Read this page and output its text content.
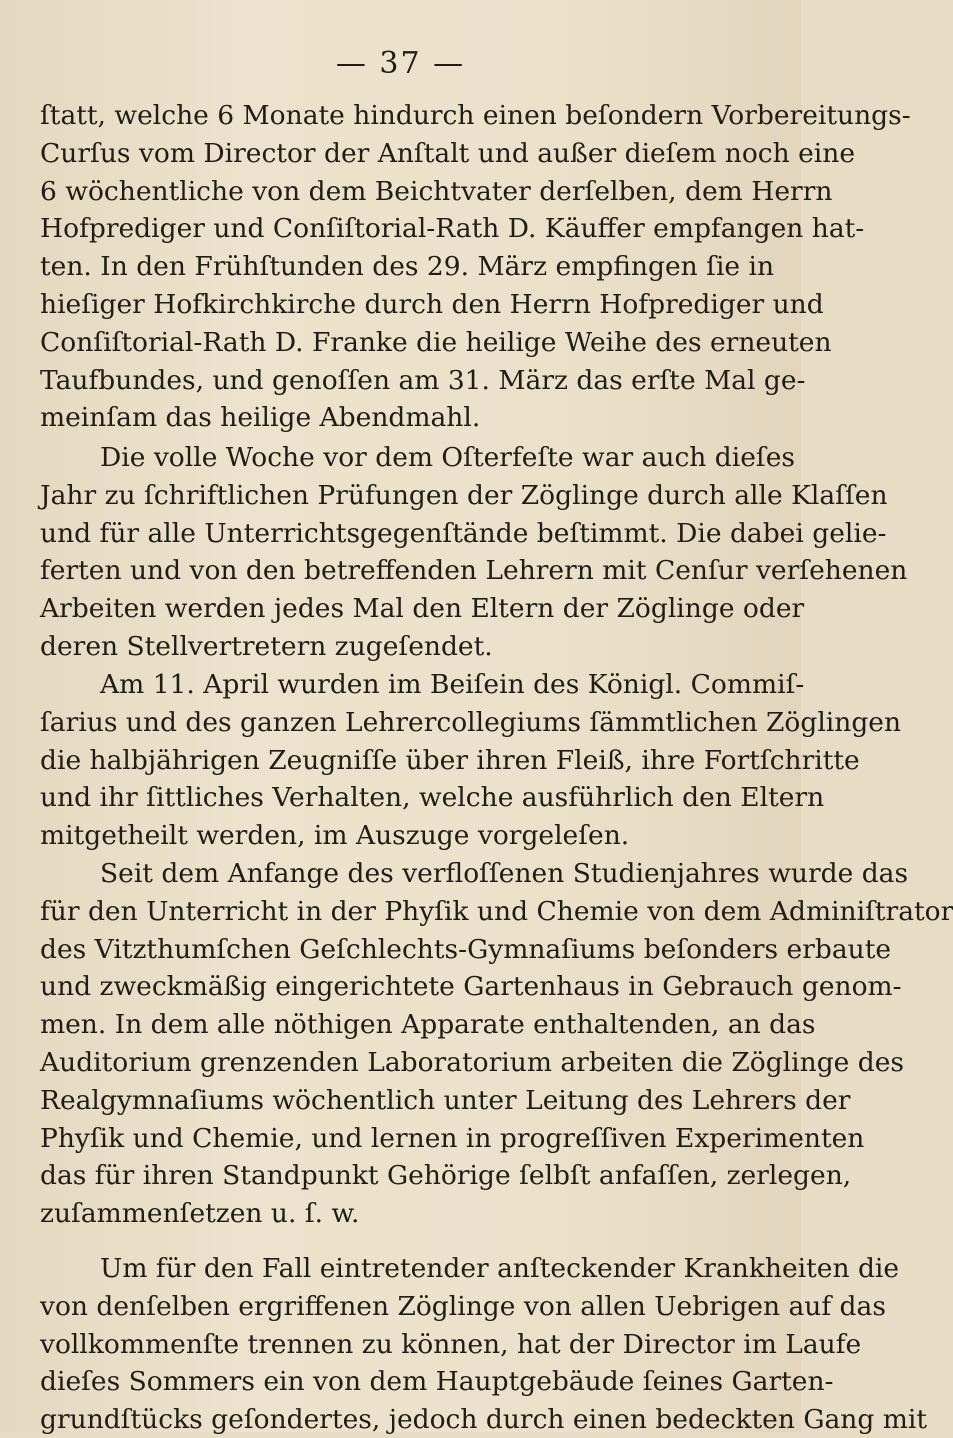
— 37 —
ſtatt, welche 6 Monate hindurch einen beſondern Vorbereitungs-
Curſus vom Director der Anſtalt und außer dieſem noch eine
6 wöchentliche von dem Beichtvater derſelben, dem Herrn
Hofprediger und Conſiſtorial-Rath D. Käuffer empfangen hat-
ten. In den Frühſtunden des 29. März empfingen ſie in
hieſiger Hofkirchkirche durch den Herrn Hofprediger und
Conſiſtorial-Rath D. Franke die heilige Weihe des erneuten
Taufbundes, und genoſſen am 31. März das erſte Mal ge-
meinſam das heilige Abendmahl.
Die volle Woche vor dem Oſterfeſte war auch dieſes
Jahr zu ſchriftlichen Prüfungen der Zöglinge durch alle Klaſſen
und für alle Unterrichtsgegenſtände beſtimmt. Die dabei gelie-
ferten und von den betreffenden Lehrern mit Cenſur verſehenen
Arbeiten werden jedes Mal den Eltern der Zöglinge oder
deren Stellvertretern zugeſendet.
Am 11. April wurden im Beiſein des Königl. Commiſ-
ſarius und des ganzen Lehrercollegiums ſämmtlichen Zöglingen
die halbjährigen Zeugniſſe über ihren Fleiß, ihre Fortſchritte
und ihr ſittliches Verhalten, welche ausführlich den Eltern
mitgetheilt werden, im Auszuge vorgeleſen.
Seit dem Anfange des verfloſſenen Studienjahres wurde das
für den Unterricht in der Phyſik und Chemie von dem Adminiſtrator
des Vitzthumſchen Geſchlechts-Gymnaſiums beſonders erbaute
und zweckmäßig eingerichtete Gartenhaus in Gebrauch genom-
men. In dem alle nöthigen Apparate enthaltenden, an das
Auditorium grenzenden Laboratorium arbeiten die Zöglinge des
Realgymnaſiums wöchentlich unter Leitung des Lehrers der
Phyſik und Chemie, und lernen in progreſſiven Experimenten
das für ihren Standpunkt Gehörige ſelbſt anfaſſen, zerlegen,
zuſammenſetzen u. ſ. w.
Um für den Fall eintretender anſteckender Krankheiten die
von denſelben ergriffenen Zöglinge von allen Uebrigen auf das
vollkommenſte trennen zu können, hat der Director im Laufe
dieſes Sommers ein von dem Hauptgebäude ſeines Garten-
grundſtücks geſondertes, jedoch durch einen bedeckten Gang mit
